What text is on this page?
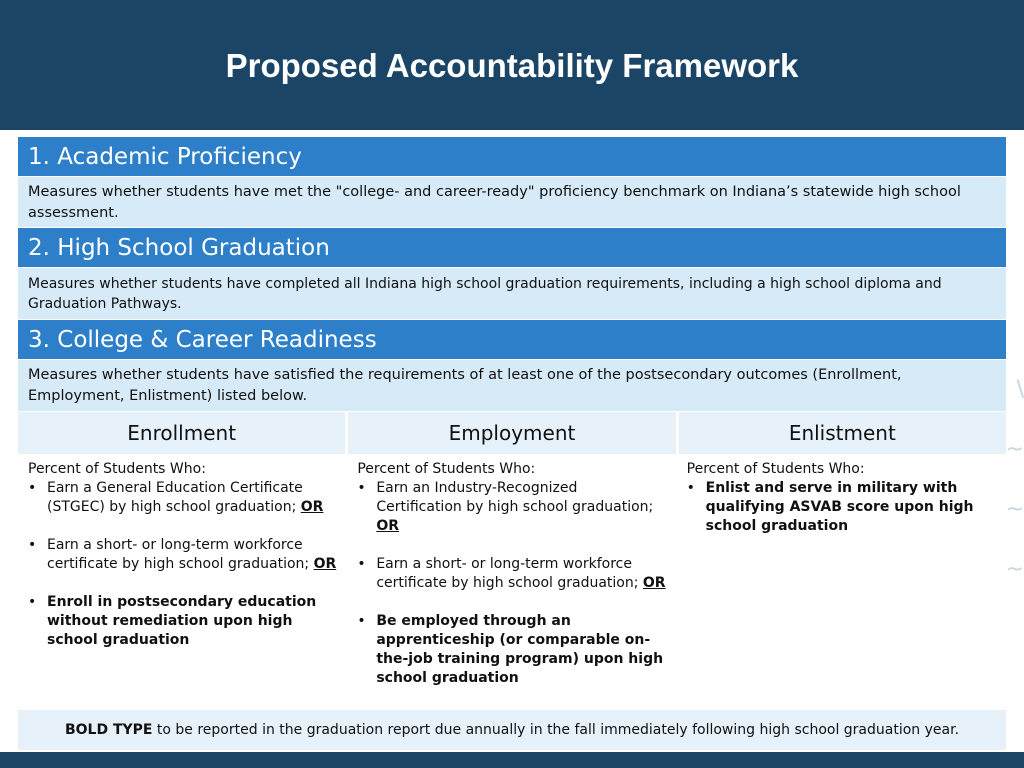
Proposed Accountability Framework
\ ~ ~ ~
1. Academic Proficiency
Measures whether students have met the "college- and career-ready" proficiency benchmark on Indiana’s statewide high school assessment.
2. High School Graduation
Measures whether students have completed all Indiana high school graduation requirements, including a high school diploma and Graduation Pathways.
3. College & Career Readiness
Measures whether students have satisfied the requirements of at least one of the postsecondary outcomes (Enrollment, Employment, Enlistment) listed below.
Enrollment	Employment	Enlistment
Percent of Students Who:
• Earn a General Education Certificate (STGEC) by high school graduation; OR
• Earn a short- or long-term workforce certificate by high school graduation; OR
• Enroll in postsecondary education without remediation upon high school graduation
Percent of Students Who:
• Earn an Industry-Recognized Certification by high school graduation; OR
• Earn a short- or long-term workforce certificate by high school graduation; OR
• Be employed through an apprenticeship (or comparable on-the-job training program) upon high school graduation
Percent of Students Who:
• Enlist and serve in military with qualifying ASVAB score upon high school graduation
BOLD TYPE to be reported in the graduation report due annually in the fall immediately following high school graduation year.
